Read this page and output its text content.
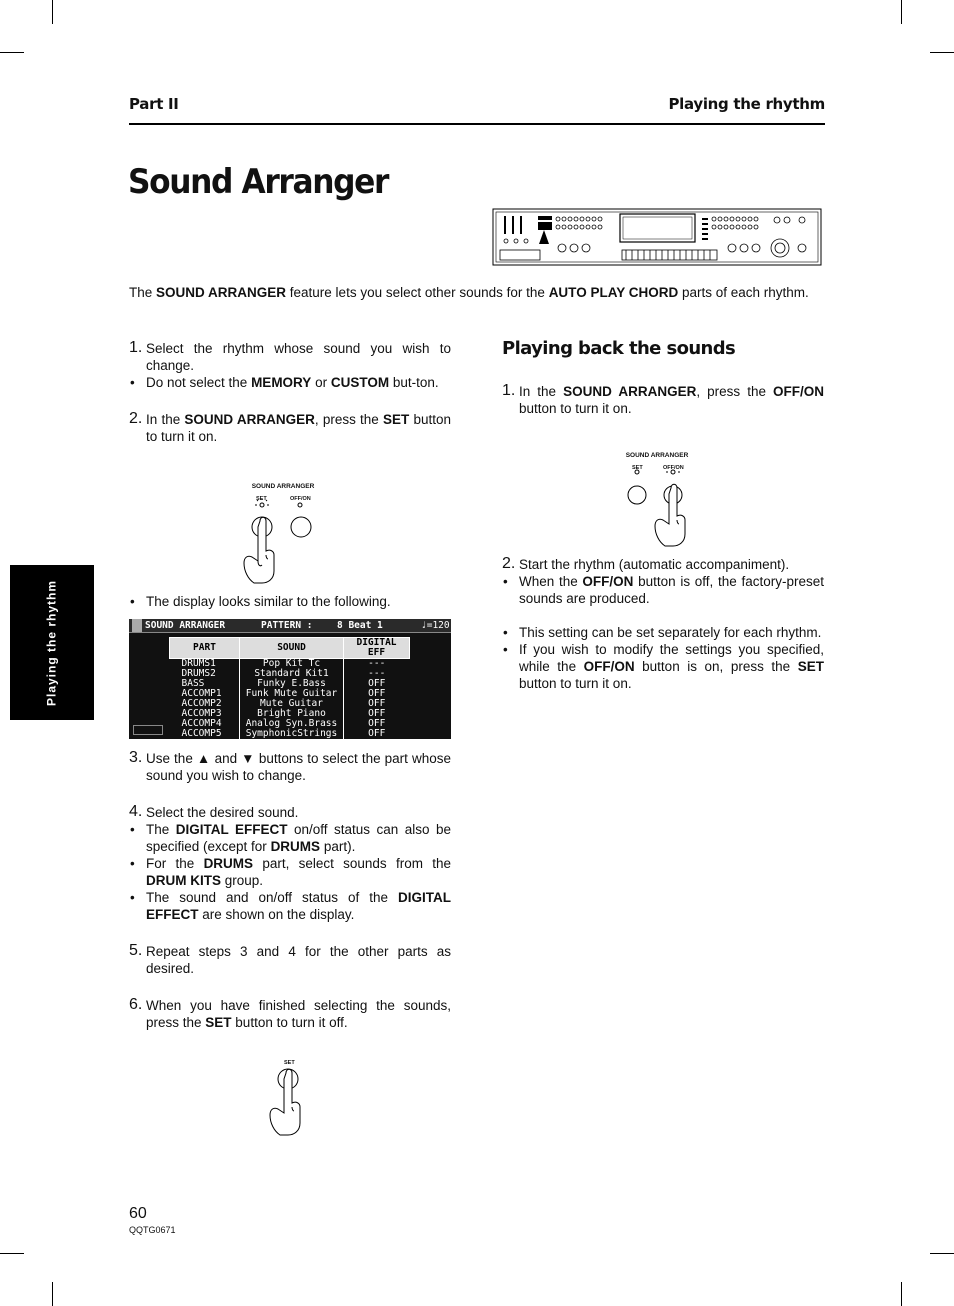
Part II	Playing the rhythm
Sound Arranger
The SOUND ARRANGER feature lets you select other sounds for the AUTO PLAY CHORD parts of each rhythm.
Playing the rhythm
1. Select the rhythm whose sound you wish to change.
• Do not select the MEMORY or CUSTOM but-ton.
2. In the SOUND ARRANGER, press the SET button to turn it on.
SOUND ARRANGER
SET	OFF/ON
• The display looks similar to the following.
SOUND ARRANGER	PATTERN :	8 Beat 1	♩=120
PART	SOUND	DIGITAL EFF
DRUMS1	Pop Kit Tc	---
DRUMS2	Standard Kit1	---
BASS	Funky E.Bass	OFF
ACCOMP1	Funk Mute Guitar	OFF
ACCOMP2	Mute Guitar	OFF
ACCOMP3	Bright Piano	OFF
ACCOMP4	Analog Syn.Brass	OFF
ACCOMP5	SymphonicStrings	OFF
3. Use the ▲ and ▼ buttons to select the part whose sound you wish to change.
4. Select the desired sound.
• The DIGITAL EFFECT on/off status can also be specified (except for DRUMS part).
• For the DRUMS part, select sounds from the DRUM KITS group.
• The sound and on/off status of the DIGITAL EFFECT are shown on the display.
5. Repeat steps 3 and 4 for the other parts as desired.
6. When you have finished selecting the sounds, press the SET button to turn it off.
SET
Playing back the sounds
1. In the SOUND ARRANGER, press the OFF/ON button to turn it on.
SOUND ARRANGER
SET	OFF/ON
2. Start the rhythm (automatic accompaniment).
• When the OFF/ON button is off, the factory-preset sounds are produced.
• This setting can be set separately for each rhythm.
• If you wish to modify the settings you specified, while the OFF/ON button is on, press the SET button to turn it on.
60
QQTG0671
